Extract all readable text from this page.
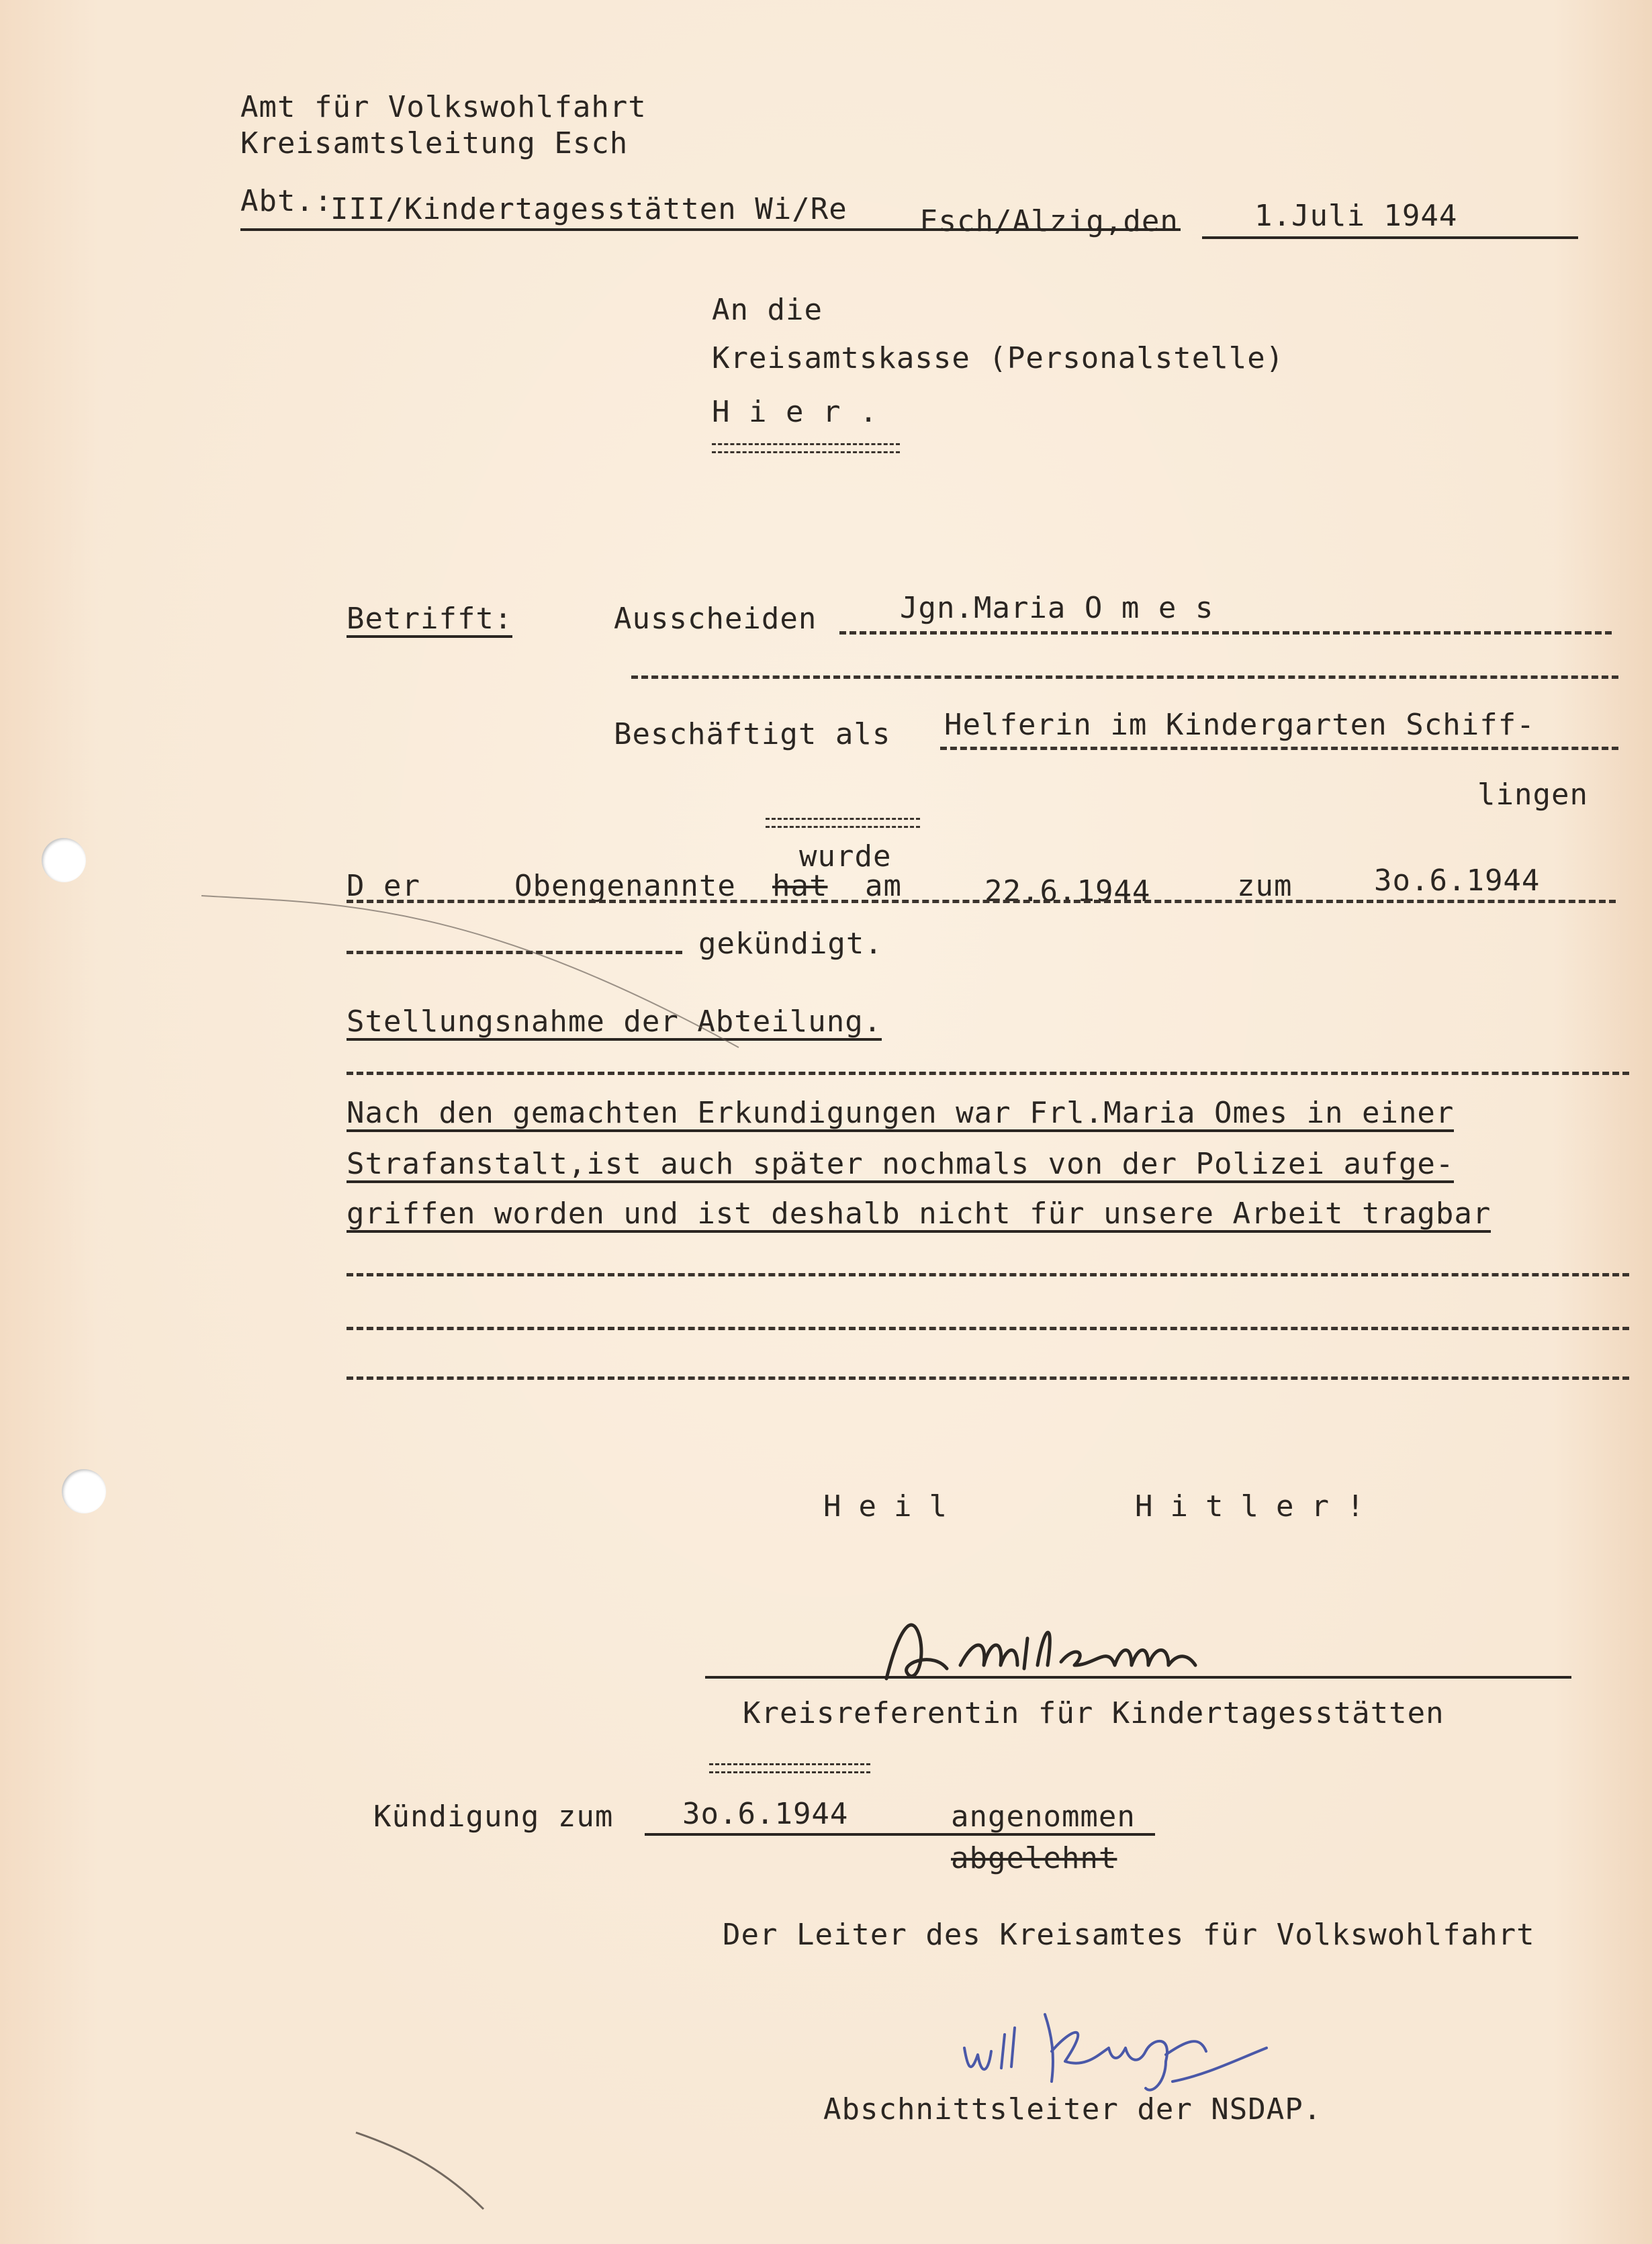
Amt für Volkswohlfahrt
Kreisamtsleitung Esch
Abt.:
III/Kindertagesstätten Wi/Re Esch/Alzig,den	1.Juli 1944
An die
Kreisamtskasse (Personalstelle)
H i e r .
Betrifft:	Ausscheiden	Jgn.Maria O m e s
Beschäftigt als Helferin im Kindergarten Schiff-
lingen
D er	Obengenannte hat
wurde
am	22.6.1944	zum	3o.6.1944
gekündigt.
Stellungsnahme der Abteilung.
Nach den gemachten Erkundigungen war Frl.Maria Omes in einer
Strafanstalt,ist auch später nochmals von der Polizei aufge-
griffen worden und ist deshalb nicht für unsere Arbeit tragbar
Heil	Hitler!
Kreisreferentin für Kindertagesstätten
Kündigung zum 3o.6.1944	angenommen
abgelehnt
Der Leiter des Kreisamtes für Volkswohlfahrt
Abschnittsleiter der NSDAP.
